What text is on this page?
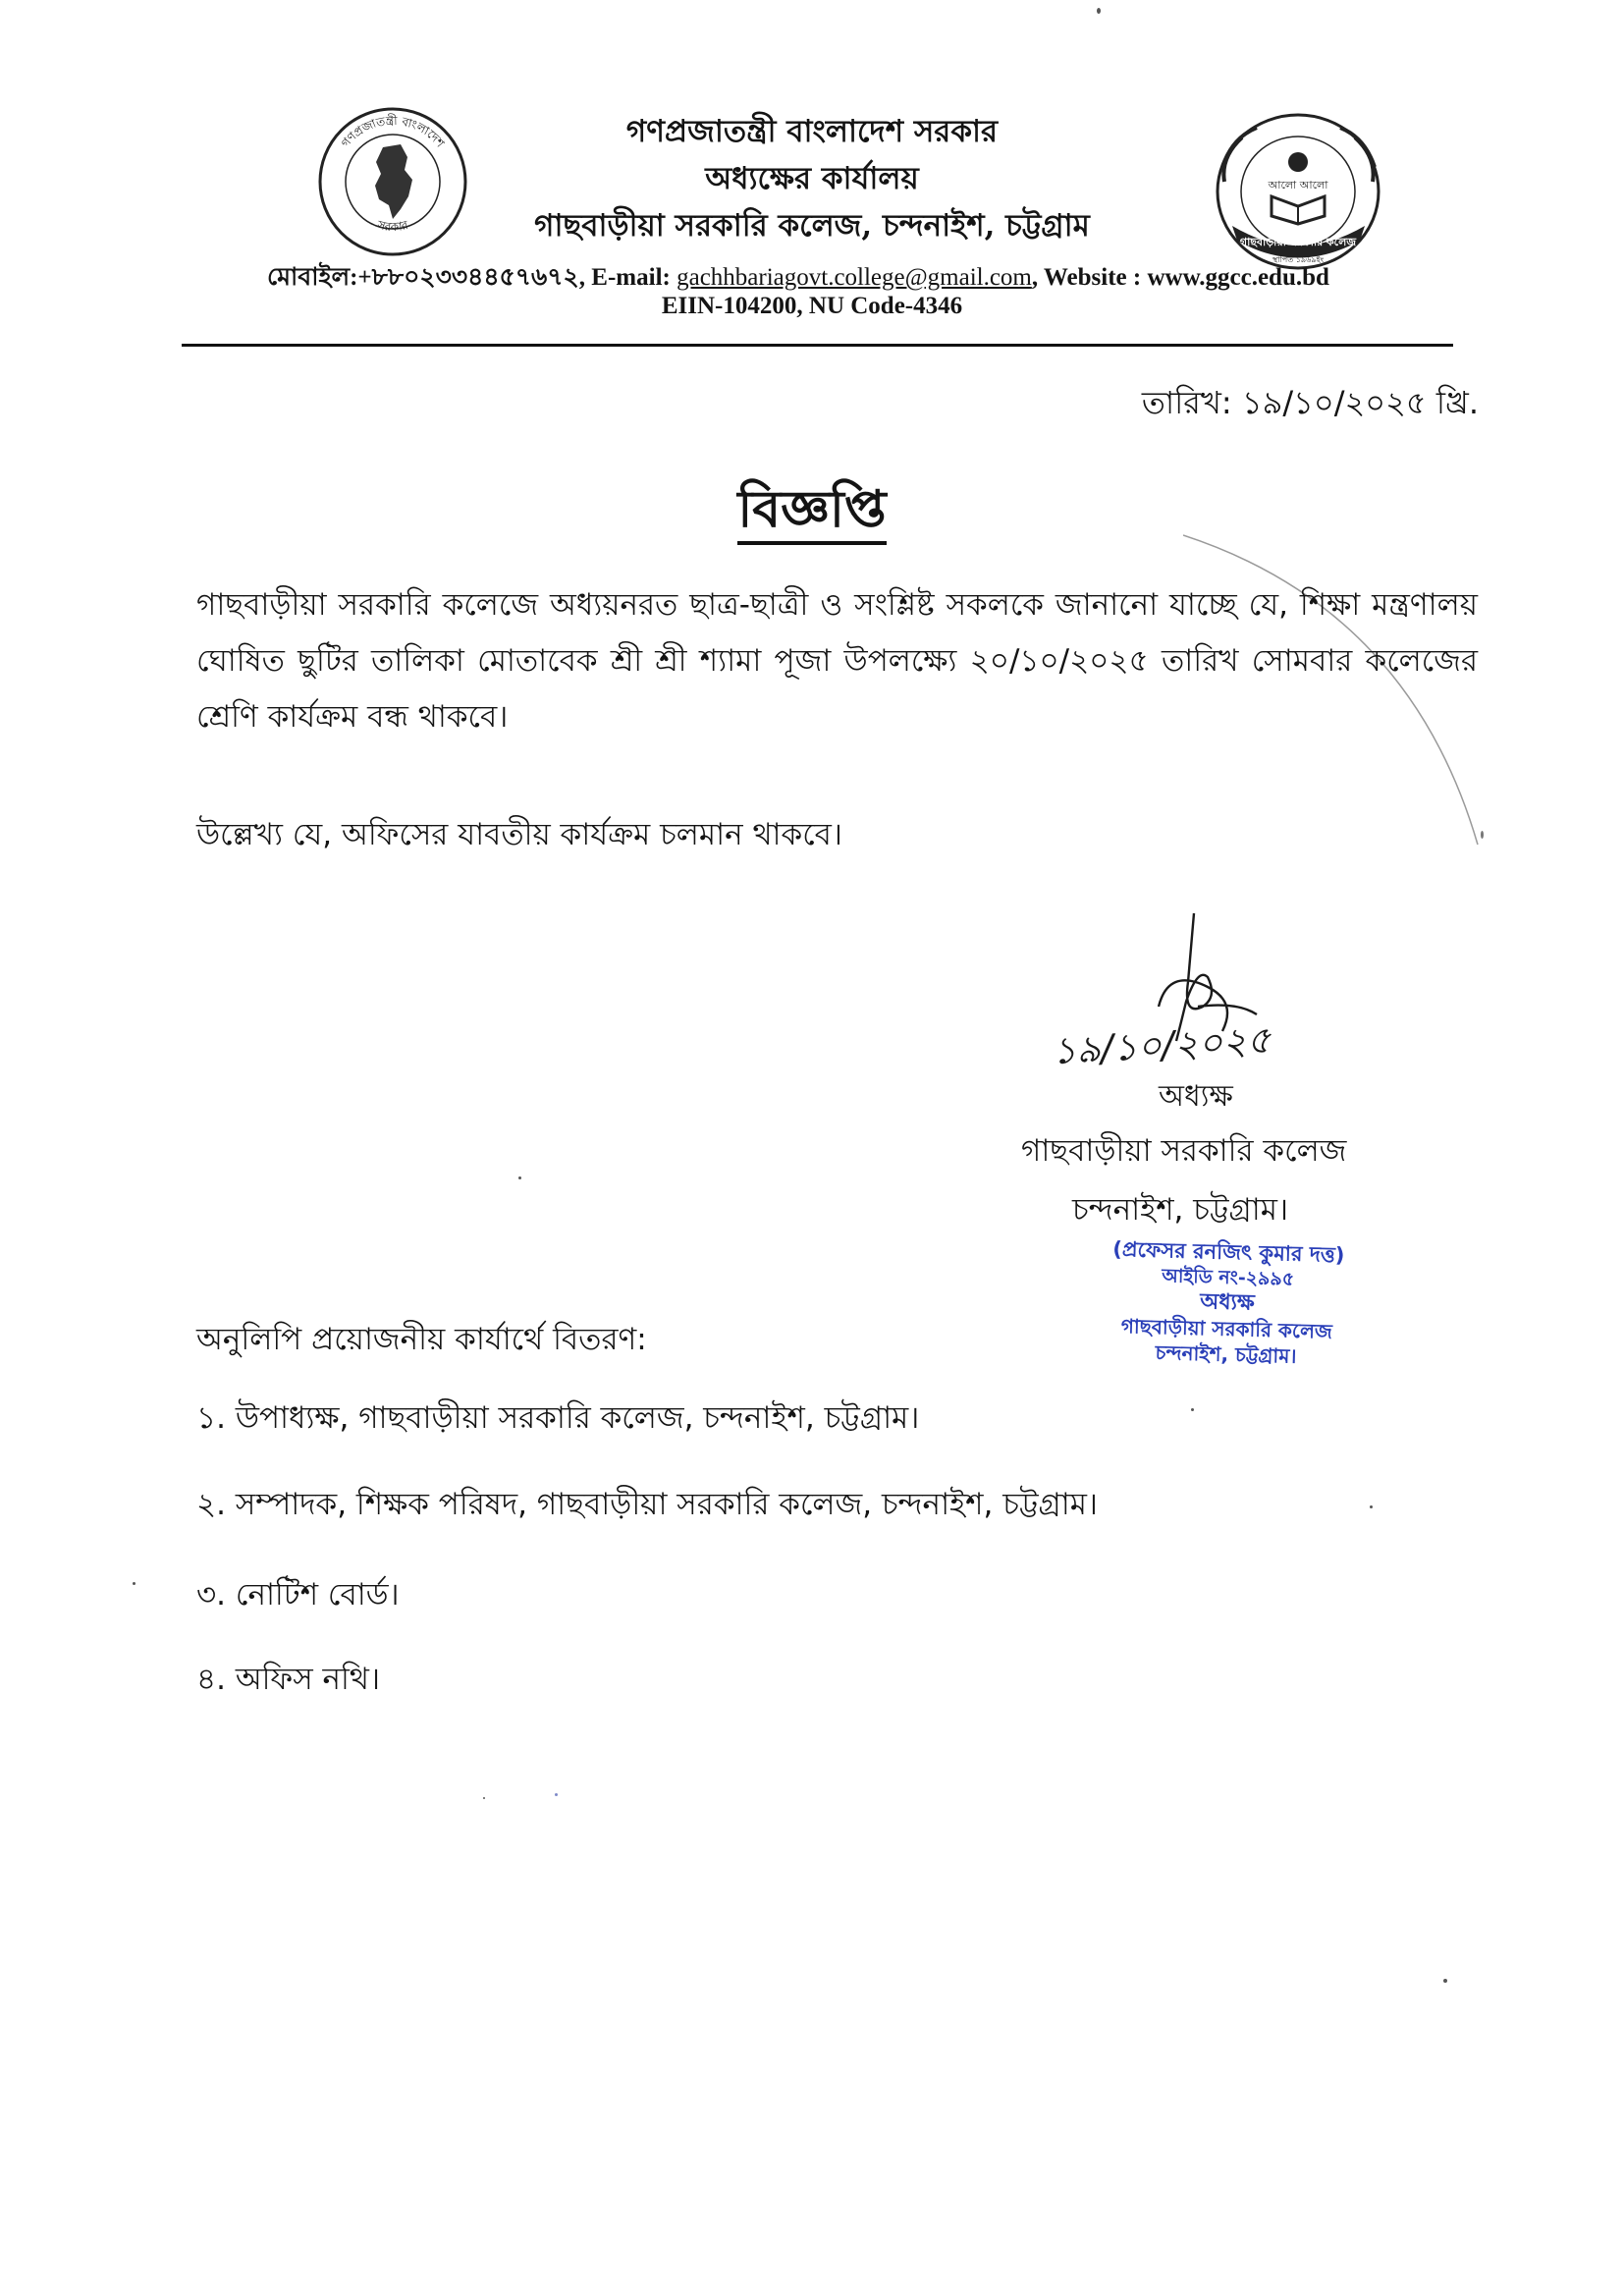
গণপ্রজাতন্ত্রী বাংলাদেশ
সরকার
গণপ্রজাতন্ত্রী বাংলাদেশ সরকার
অধ্যক্ষের কার্যালয়
গাছবাড়ীয়া সরকারি কলেজ, চন্দনাইশ, চট্টগ্রাম
আলো আলো
গাছবাড়ীয়া সরকারি কলেজ
স্থাপিত ১৯৬৯ইং
মোবাইল:+৮৮০২৩৩৪৪৫৭৬৭২, E-mail: gachhbariagovt.college@gmail.com, Website : www.ggcc.edu.bd
EIIN-104200, NU Code-4346
তারিখ: ১৯/১০/২০২৫ খ্রি.
বিজ্ঞপ্তি
গাছবাড়ীয়া সরকারি কলেজে অধ্যয়নরত ছাত্র-ছাত্রী ও সংশ্লিষ্ট সকলকে জানানো যাচ্ছে যে, শিক্ষা মন্ত্রণালয় ঘোষিত ছুটির তালিকা মোতাবেক শ্রী শ্রী শ্যামা পূজা উপলক্ষ্যে ২০/১০/২০২৫ তারিখ সোমবার কলেজের শ্রেণি কার্যক্রম বন্ধ থাকবে।
উল্লেখ্য যে, অফিসের যাবতীয় কার্যক্রম চলমান থাকবে।
১৯/১০/২০২৫
অধ্যক্ষ
গাছবাড়ীয়া সরকারি কলেজ
চন্দনাইশ, চট্টগ্রাম।
(প্রফেসর রনজিৎ কুমার দত্ত)
আইডি নং-২৯৯৫
অধ্যক্ষ
গাছবাড়ীয়া সরকারি কলেজ
চন্দনাইশ, চট্টগ্রাম।
অনুলিপি প্রয়োজনীয় কার্যার্থে বিতরণ:
১. উপাধ্যক্ষ, গাছবাড়ীয়া সরকারি কলেজ, চন্দনাইশ, চট্টগ্রাম।
২. সম্পাদক, শিক্ষক পরিষদ, গাছবাড়ীয়া সরকারি কলেজ, চন্দনাইশ, চট্টগ্রাম।
৩. নোটিশ বোর্ড।
৪. অফিস নথি।
